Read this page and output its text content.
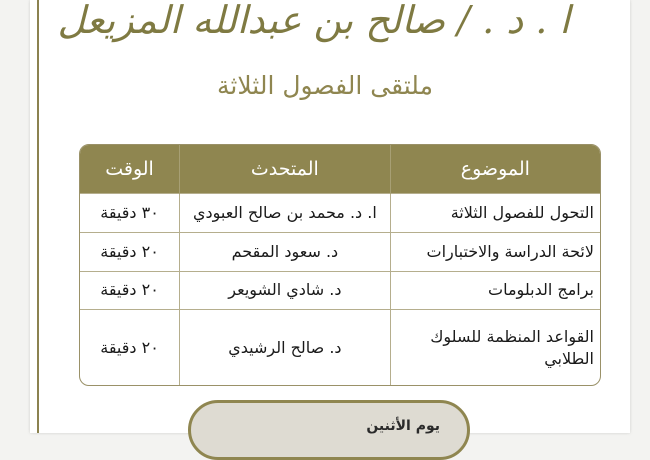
ا . د . / صالح بن عبدالله المزيعل
ملتقى الفصول الثلاثة
الموضوع	المتحدث	الوقت
التحول للفصول الثلاثة	ا. د. محمد بن صالح العبودي	٣٠ دقيقة
لائحة الدراسة والاختبارات	د. سعود المقحم	٢٠ دقيقة
برامج الدبلومات	د. شادي الشويعر	٢٠ دقيقة
القواعد المنظمة للسلوك الطلابي	د. صالح الرشيدي	٢٠ دقيقة
يوم الأثنين
